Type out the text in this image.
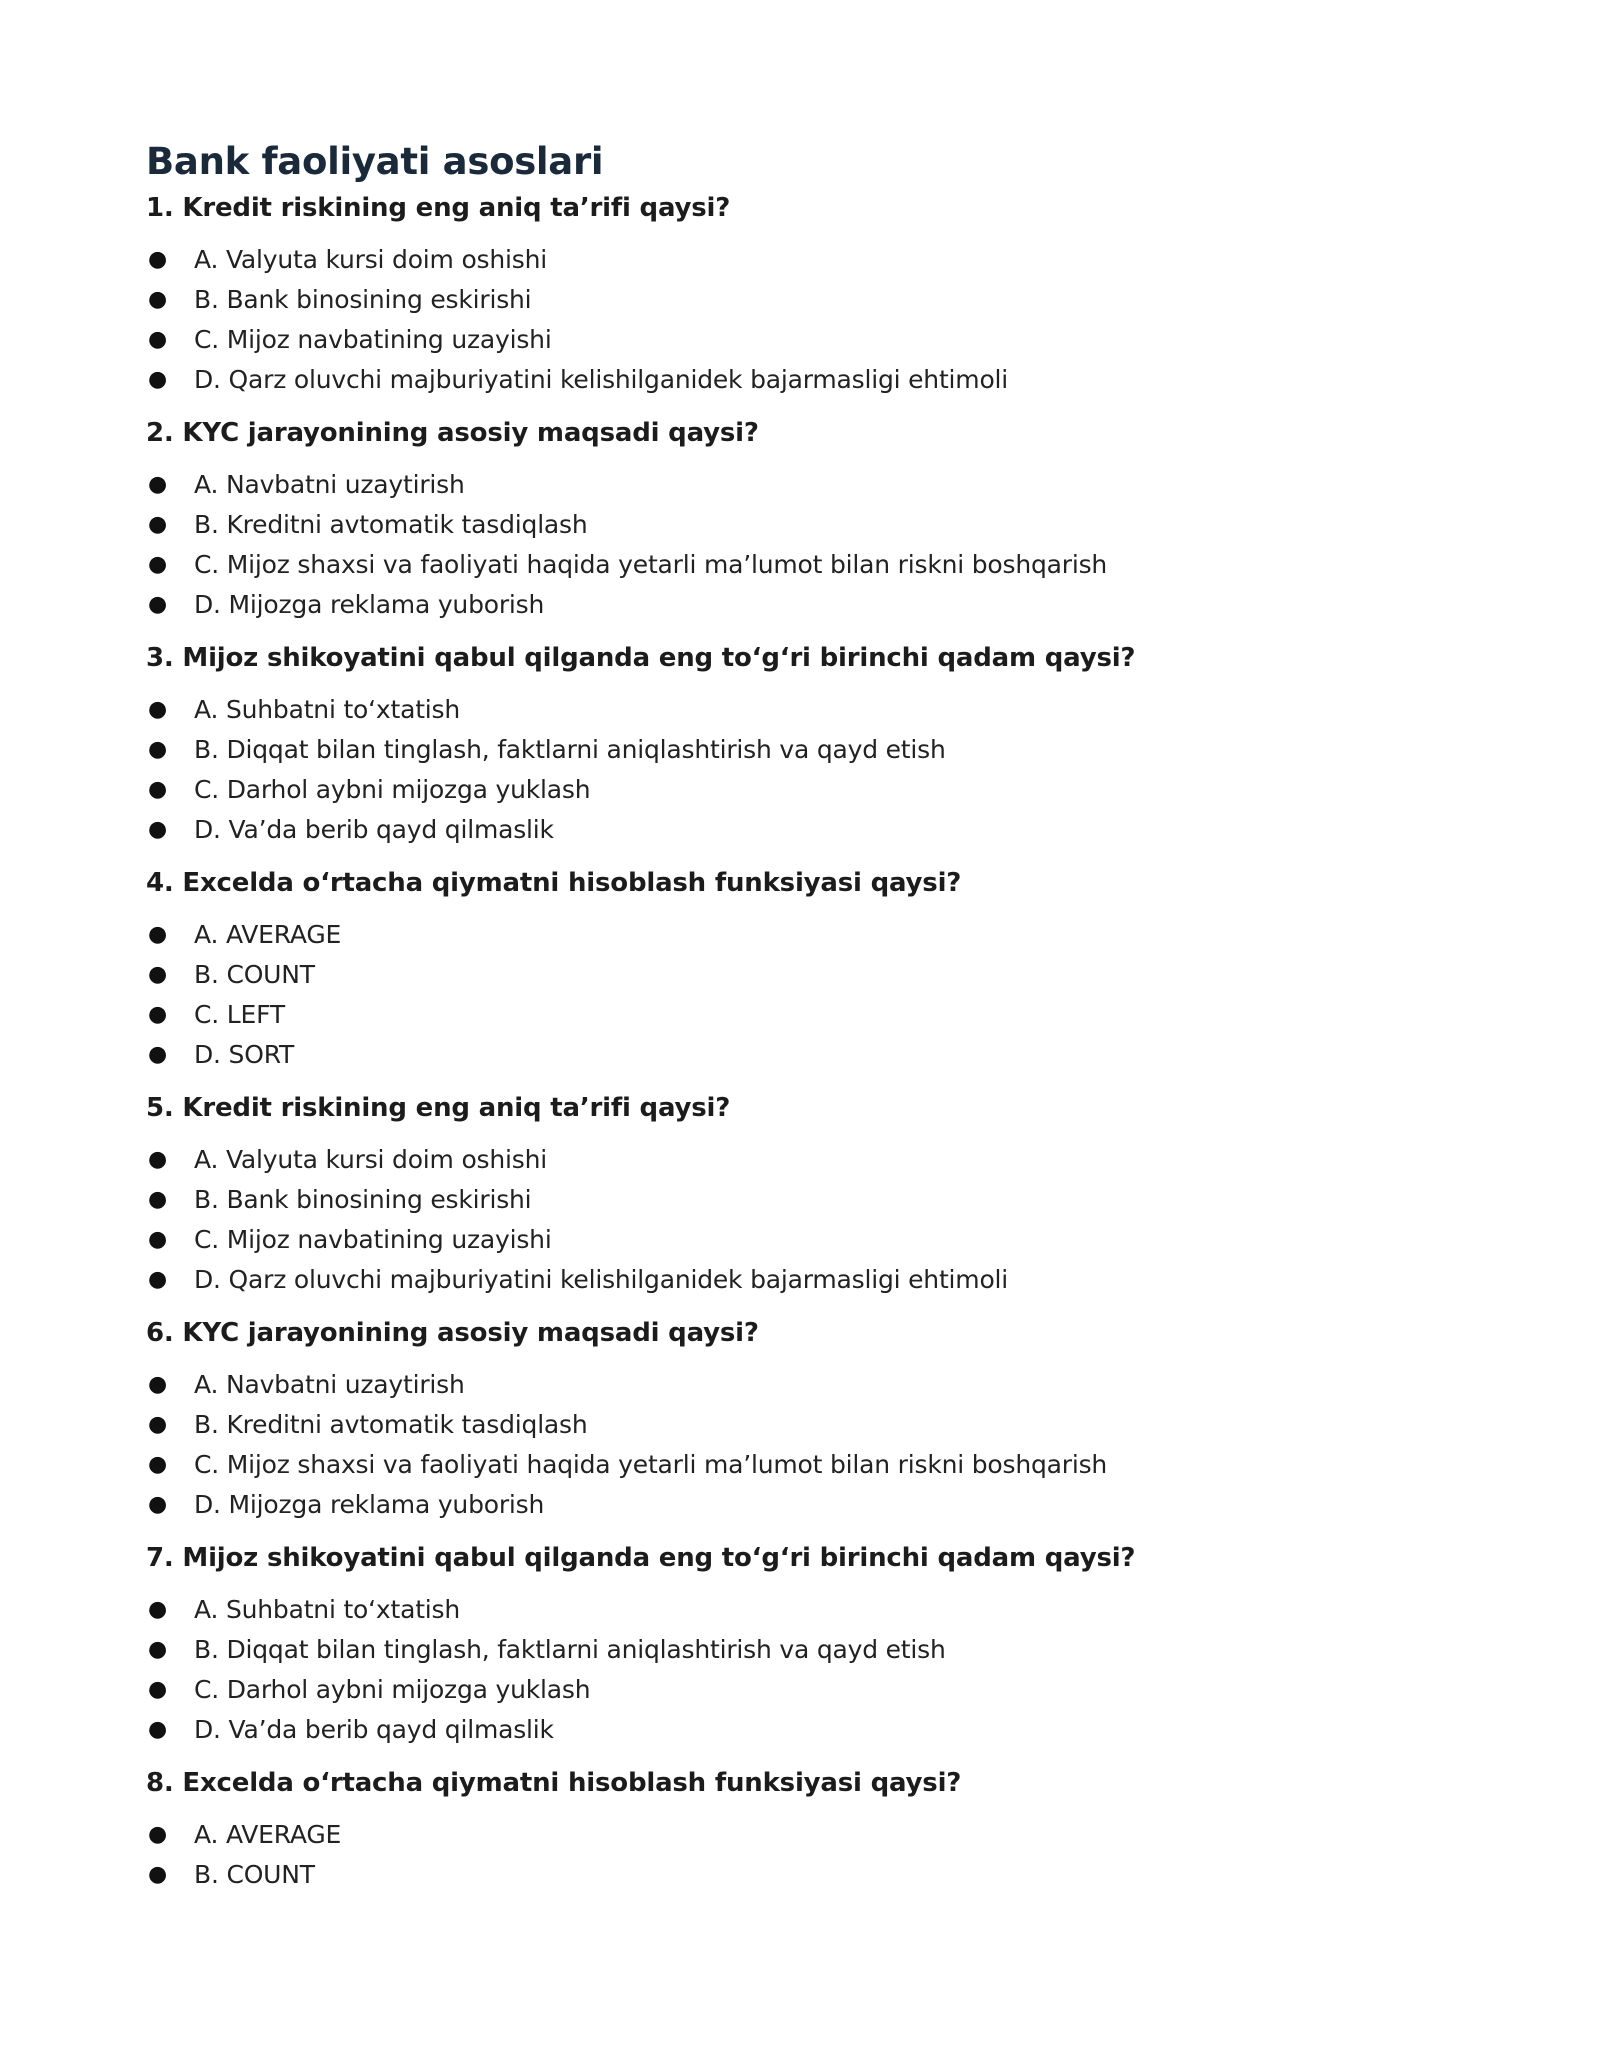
Bank faoliyati asoslari

1. Kredit riskining eng aniq ta’rifi qaysi?

● A. Valyuta kursi doim oshishi
● B. Bank binosining eskirishi
● C. Mijoz navbatining uzayishi
● D. Qarz oluvchi majburiyatini kelishilganidek bajarmasligi ehtimoli

2. KYC jarayonining asosiy maqsadi qaysi?

● A. Navbatni uzaytirish
● B. Kreditni avtomatik tasdiqlash
● C. Mijoz shaxsi va faoliyati haqida yetarli ma’lumot bilan riskni boshqarish
● D. Mijozga reklama yuborish

3. Mijoz shikoyatini qabul qilganda eng to‘g‘ri birinchi qadam qaysi?

● A. Suhbatni to‘xtatish
● B. Diqqat bilan tinglash, faktlarni aniqlashtirish va qayd etish
● C. Darhol aybni mijozga yuklash
● D. Va’da berib qayd qilmaslik

4. Excelda o‘rtacha qiymatni hisoblash funksiyasi qaysi?

● A. AVERAGE
● B. COUNT
● C. LEFT
● D. SORT

5. Kredit riskining eng aniq ta’rifi qaysi?

● A. Valyuta kursi doim oshishi
● B. Bank binosining eskirishi
● C. Mijoz navbatining uzayishi
● D. Qarz oluvchi majburiyatini kelishilganidek bajarmasligi ehtimoli

6. KYC jarayonining asosiy maqsadi qaysi?

● A. Navbatni uzaytirish
● B. Kreditni avtomatik tasdiqlash
● C. Mijoz shaxsi va faoliyati haqida yetarli ma’lumot bilan riskni boshqarish
● D. Mijozga reklama yuborish

7. Mijoz shikoyatini qabul qilganda eng to‘g‘ri birinchi qadam qaysi?

● A. Suhbatni to‘xtatish
● B. Diqqat bilan tinglash, faktlarni aniqlashtirish va qayd etish
● C. Darhol aybni mijozga yuklash
● D. Va’da berib qayd qilmaslik

8. Excelda o‘rtacha qiymatni hisoblash funksiyasi qaysi?

● A. AVERAGE
● B. COUNT
